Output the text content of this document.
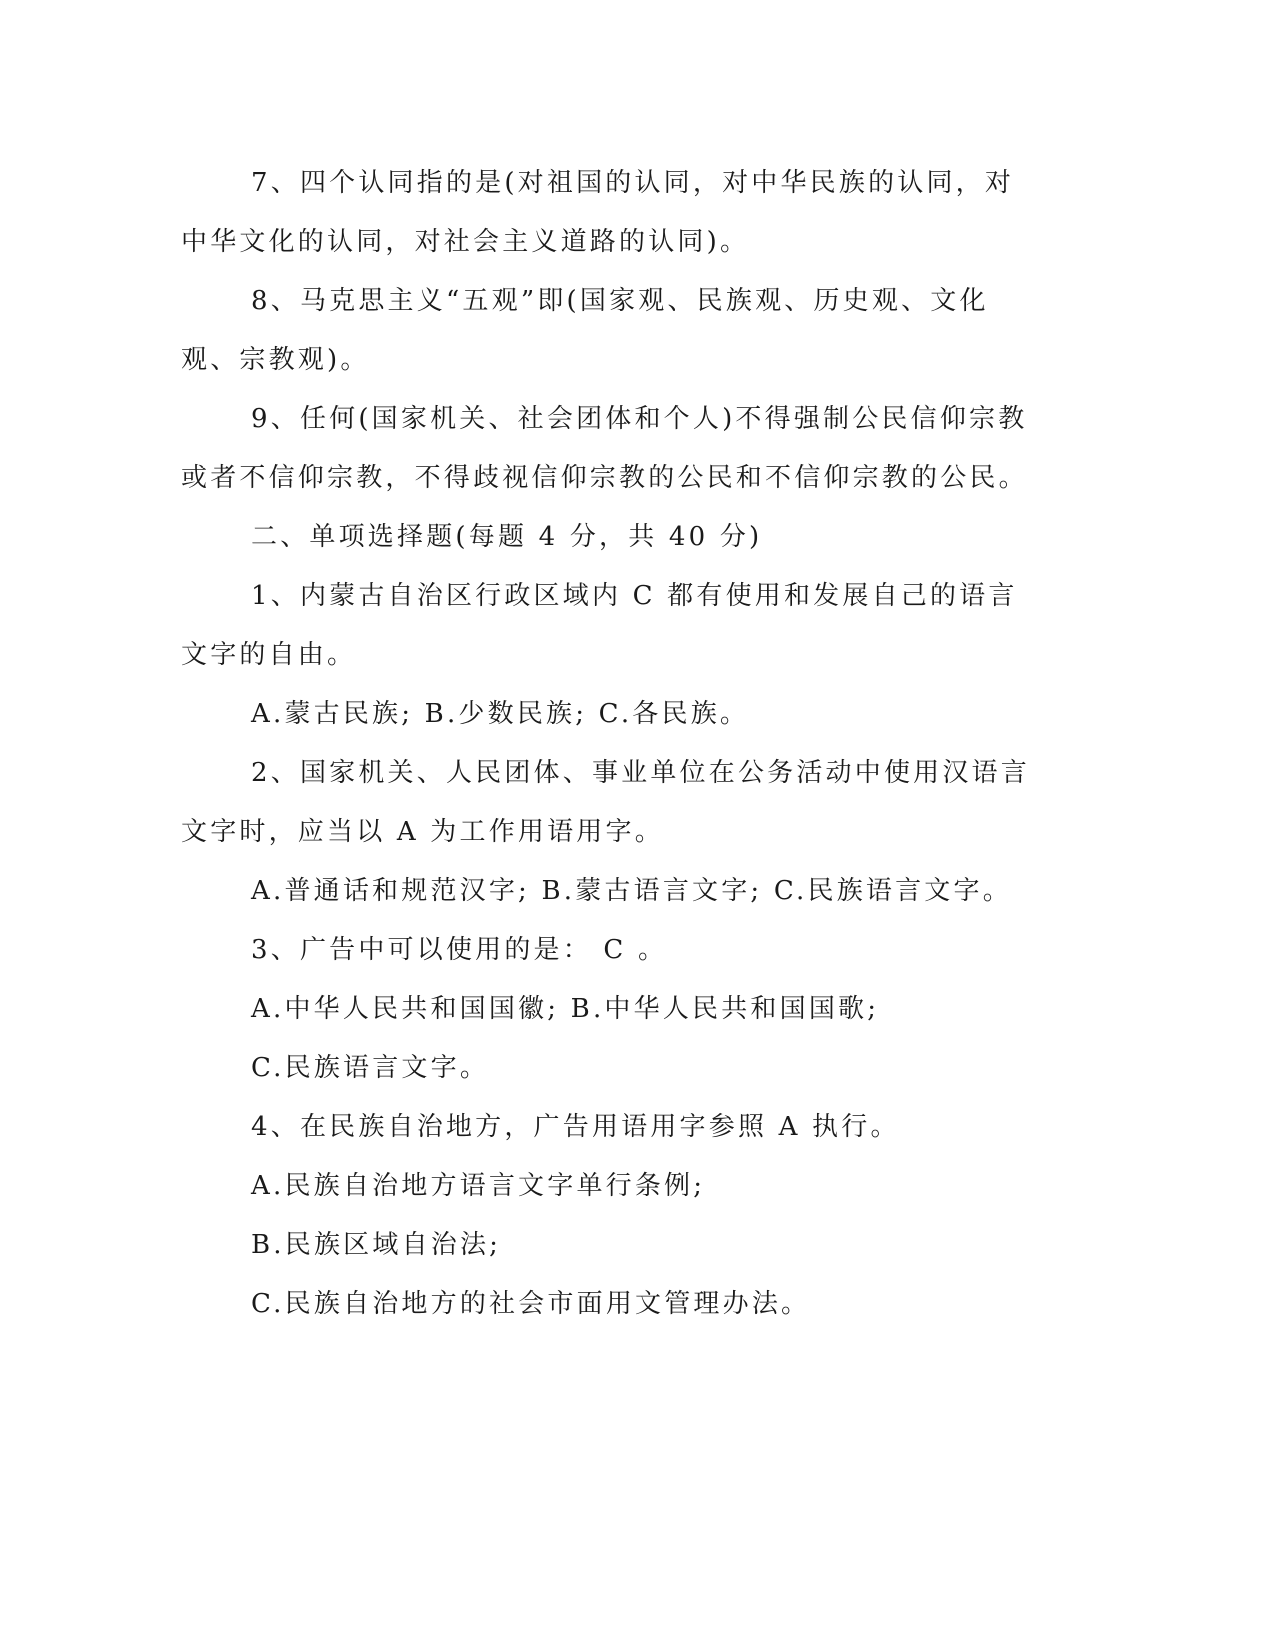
7、四个认同指的是(对祖国的认同，对中华民族的认同，对中华文化的认同，对社会主义道路的认同)。

8、马克思主义“五观”即(国家观、民族观、历史观、文化观、宗教观)。

9、任何(国家机关、社会团体和个人)不得强制公民信仰宗教或者不信仰宗教，不得歧视信仰宗教的公民和不信仰宗教的公民。

二、单项选择题(每题 4 分，共 40 分)

1、内蒙古自治区行政区域内 C 都有使用和发展自己的语言文字的自由。

A.蒙古民族; B.少数民族; C.各民族。

2、国家机关、人民团体、事业单位在公务活动中使用汉语言文字时，应当以 A 为工作用语用字。

A.普通话和规范汉字; B.蒙古语言文字; C.民族语言文字。

3、广告中可以使用的是： C 。

A.中华人民共和国国徽; B.中华人民共和国国歌;

C.民族语言文字。

4、在民族自治地方，广告用语用字参照 A 执行。

A.民族自治地方语言文字单行条例;

B.民族区域自治法;

C.民族自治地方的社会市面用文管理办法。
